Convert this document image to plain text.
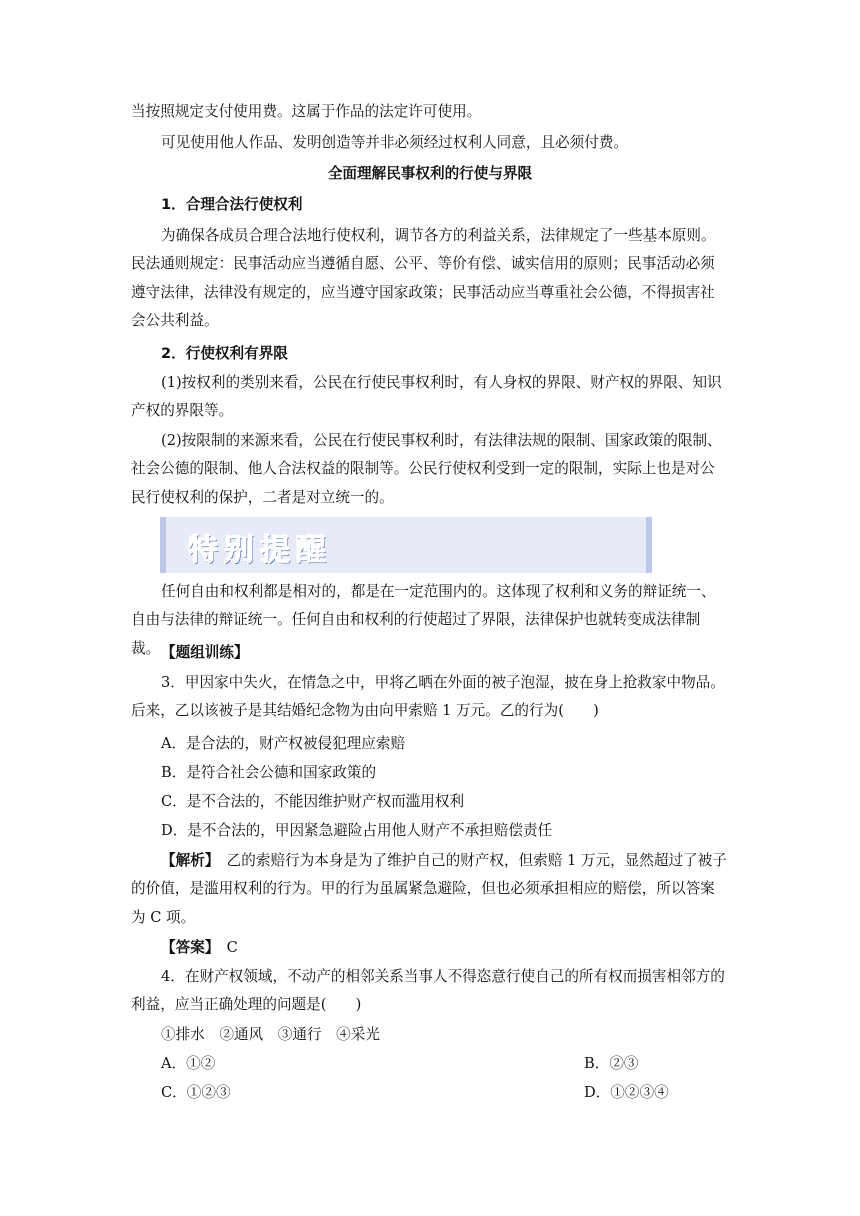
当按照规定支付使用费。这属于作品的法定许可使用。
可见使用他人作品、发明创造等并非必须经过权利人同意，且必须付费。
全面理解民事权利的行使与界限
1．合理合法行使权利
为确保各成员合理合法地行使权利，调节各方的利益关系，法律规定了一些基本原则。民法通则规定：民事活动应当遵循自愿、公平、等价有偿、诚实信用的原则；民事活动必须遵守法律，法律没有规定的，应当遵守国家政策；民事活动应当尊重社会公德，不得损害社会公共利益。
2．行使权利有界限
(1)按权利的类别来看，公民在行使民事权利时，有人身权的界限、财产权的界限、知识产权的界限等。
(2)按限制的来源来看，公民在行使民事权利时，有法律法规的限制、国家政策的限制、社会公德的限制、他人合法权益的限制等。公民行使权利受到一定的限制，实际上也是对公民行使权利的保护，二者是对立统一的。
特别提醒
任何自由和权利都是相对的，都是在一定范围内的。这体现了权利和义务的辩证统一、自由与法律的辩证统一。任何自由和权利的行使超过了界限，法律保护也就转变成法律制裁。 【题组训练】
3．甲因家中失火，在情急之中，甲将乙晒在外面的被子泡湿，披在身上抢救家中物品。后来，乙以该被子是其结婚纪念物为由向甲索赔 1 万元。乙的行为(　　)
A．是合法的，财产权被侵犯理应索赔
B．是符合社会公德和国家政策的
C．是不合法的，不能因维护财产权而滥用权利
D．是不合法的，甲因紧急避险占用他人财产不承担赔偿责任
【解析】　乙的索赔行为本身是为了维护自己的财产权，但索赔 1 万元，显然超过了被子的价值，是滥用权利的行为。甲的行为虽属紧急避险，但也必须承担相应的赔偿，所以答案为 C 项。
【答案】　C
4．在财产权领域，不动产的相邻关系当事人不得恣意行使自己的所有权而损害相邻方的利益，应当正确处理的问题是(　　)
①排水　②通风　③通行　④采光
A．①②	B．②③
C．①②③	D．①②③④
